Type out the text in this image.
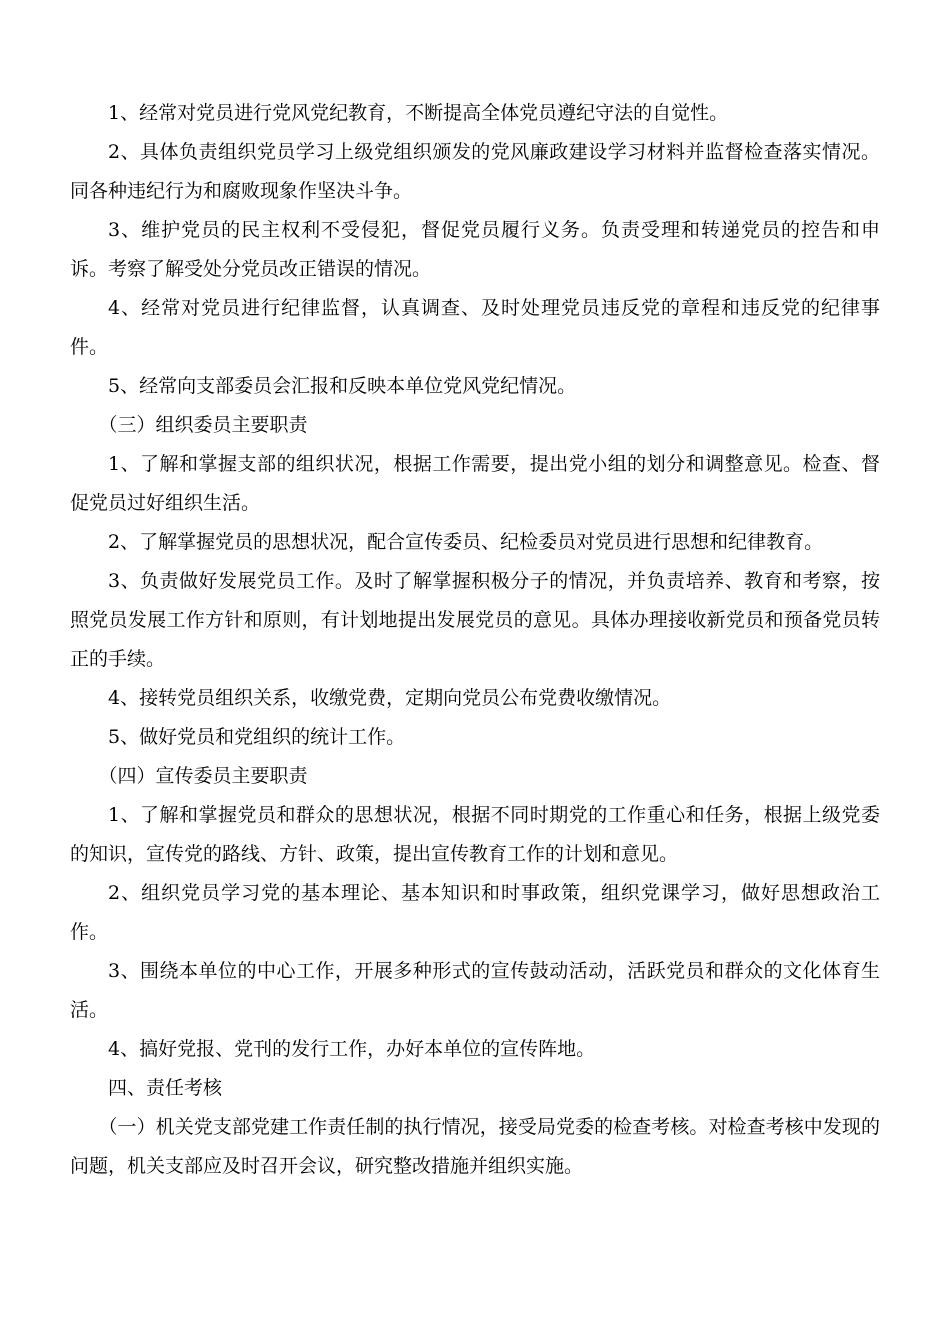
1、经常对党员进行党风党纪教育，不断提高全体党员遵纪守法的自觉性。

2、具体负责组织党员学习上级党组织颁发的党风廉政建设学习材料并监督检查落实情况。同各种违纪行为和腐败现象作坚决斗争。

3、维护党员的民主权利不受侵犯，督促党员履行义务。负责受理和转递党员的控告和申诉。考察了解受处分党员改正错误的情况。

4、经常对党员进行纪律监督，认真调查、及时处理党员违反党的章程和违反党的纪律事件。

5、经常向支部委员会汇报和反映本单位党风党纪情况。

（三）组织委员主要职责

1、了解和掌握支部的组织状况，根据工作需要，提出党小组的划分和调整意见。检查、督促党员过好组织生活。

2、了解掌握党员的思想状况，配合宣传委员、纪检委员对党员进行思想和纪律教育。

3、负责做好发展党员工作。及时了解掌握积极分子的情况，并负责培养、教育和考察，按照党员发展工作方针和原则，有计划地提出发展党员的意见。具体办理接收新党员和预备党员转正的手续。

4、接转党员组织关系，收缴党费，定期向党员公布党费收缴情况。

5、做好党员和党组织的统计工作。

（四）宣传委员主要职责

1、了解和掌握党员和群众的思想状况，根据不同时期党的工作重心和任务，根据上级党委的知识，宣传党的路线、方针、政策，提出宣传教育工作的计划和意见。

2、组织党员学习党的基本理论、基本知识和时事政策，组织党课学习，做好思想政治工作。

3、围绕本单位的中心工作，开展多种形式的宣传鼓动活动，活跃党员和群众的文化体育生活。

4、搞好党报、党刊的发行工作，办好本单位的宣传阵地。

四、责任考核

（一）机关党支部党建工作责任制的执行情况，接受局党委的检查考核。对检查考核中发现的问题，机关支部应及时召开会议，研究整改措施并组织实施。
